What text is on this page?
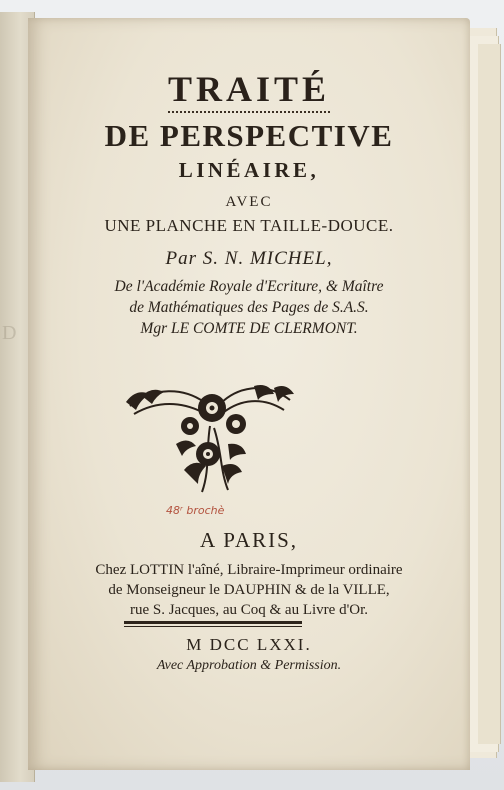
D
TRAITÉ
DE PERSPECTIVE
LINÉAIRE,
AVEC
UNE PLANCHE EN TAILLE-DOUCE.
Par S. N. MICHEL,
De l'Académie Royale d'Ecriture, & Maître
de Mathématiques des Pages de S.A.S.
Mgr LE COMTE DE CLERMONT.
48ʳ brochè
A PARIS,
Chez LOTTIN l'aîné, Libraire-Imprimeur ordinaire
de Monseigneur le DAUPHIN & de la VILLE,
rue S. Jacques, au Coq & au Livre d'Or.
M DCC LXXI.
Avec Approbation & Permission.
